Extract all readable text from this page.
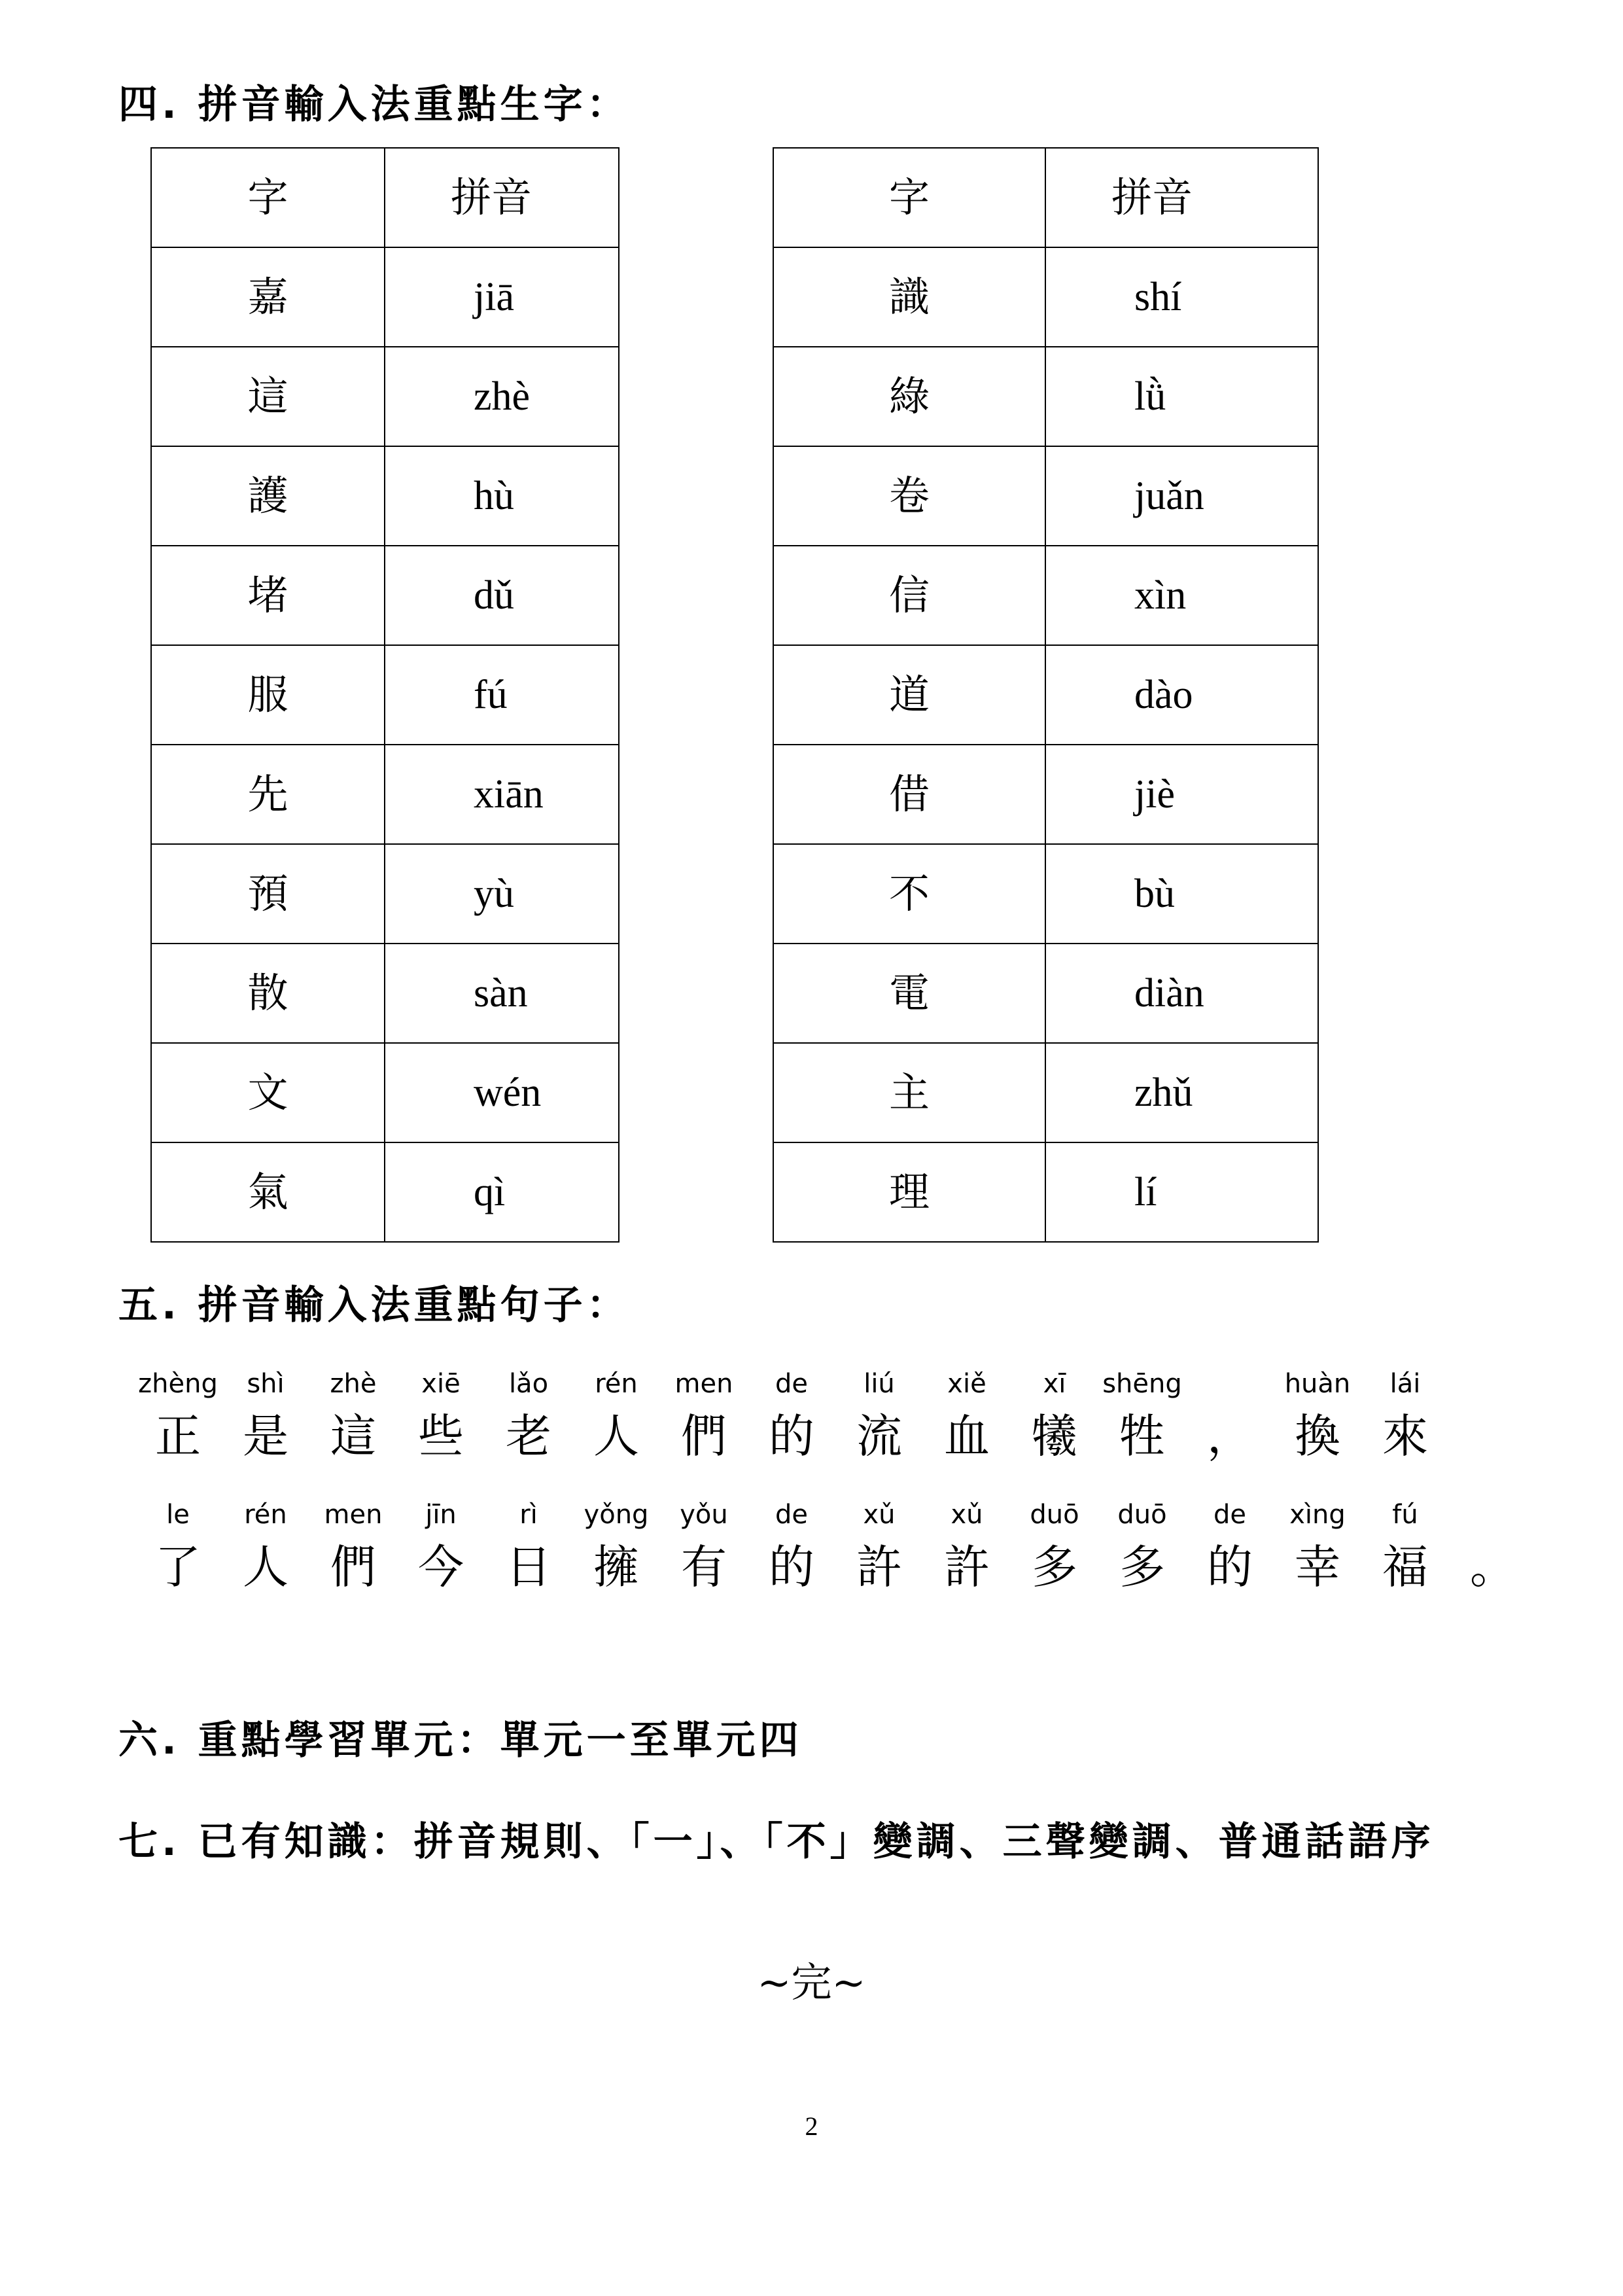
四. 拼音輸入法重點生字：
字	拼音
嘉	jiā
這	zhè
護	hù
堵	dǔ
服	fú
先	xiān
預	yù
散	sàn
文	wén
氣	qì
字	拼音
識	shí
綠	lǜ
卷	juǎn
信	xìn
道	dào
借	jiè
不	bù
電	diàn
主	zhǔ
理	lí
五. 拼音輸入法重點句子：
zhèng
正
shì
是
zhè
這
xiē
些
lǎo
老
rén
人
men
們
de
的
liú
流
xiě
血
xī
犧
shēng
牲 ，
huàn
換
lái
來
le
了
rén
人
men
們
jīn
今
rì
日
yǒng
擁
yǒu
有
de
的
xǔ
許
xǔ
許
duō
多
duō
多
de
的
xìng
幸
fú
福 。

六. 重點學習單元：單元一至單元四

七. 已有知識：拼音規則、「一」、「不」變調、三聲變調、普通話語序

~完~

2
